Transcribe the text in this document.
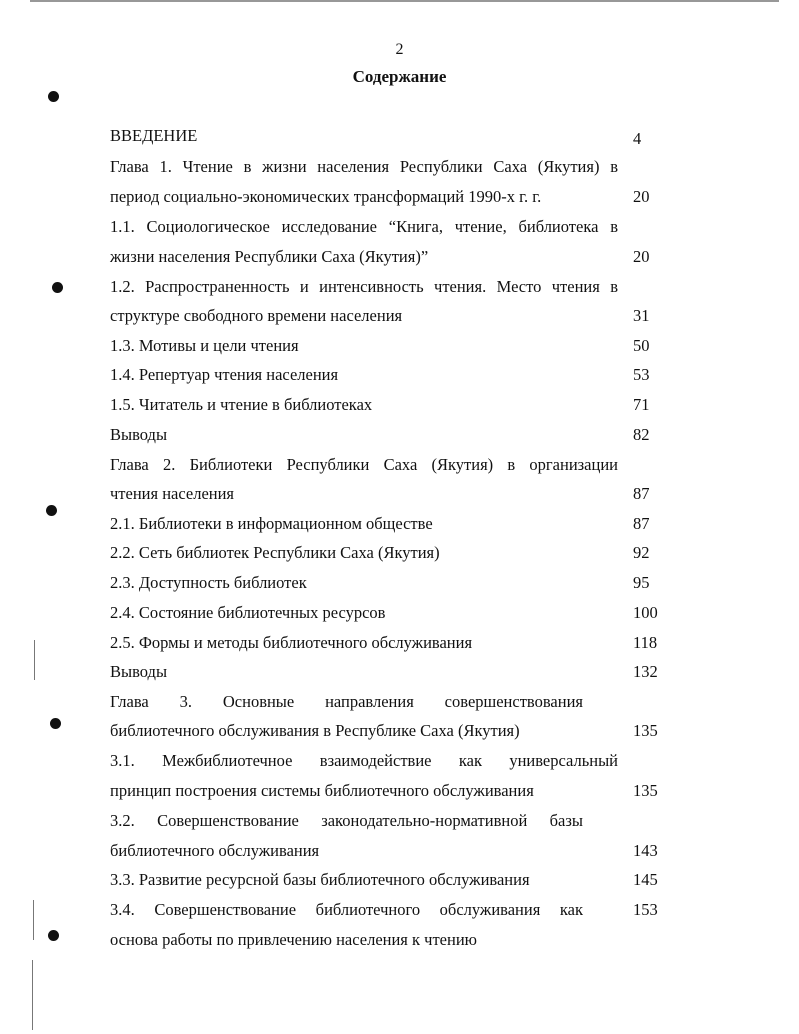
2
Содержание
ВВЕДЕНИЕ	4
Глава 1. Чтение в жизни населения Республики Саха (Якутия) в
период социально-экономических трансформаций 1990-х г. г.	20
1.1. Социологическое исследование “Книга, чтение, библиотека в
жизни населения Республики Саха (Якутия)”	20
1.2. Распространенность и интенсивность чтения. Место чтения в
структуре свободного времени населения	31
1.3. Мотивы и цели чтения	50
1.4. Репертуар чтения населения	53
1.5. Читатель и чтение в библиотеках	71
Выводы	82
Глава 2. Библиотеки Республики Саха (Якутия) в организации
чтения населения	87
2.1. Библиотеки в информационном обществе	87
2.2. Сеть библиотек Республики Саха (Якутия)	92
2.3. Доступность библиотек	95
2.4. Состояние библиотечных ресурсов	100
2.5. Формы и методы библиотечного обслуживания	118
Выводы	132
Глава 3. Основные направления совершенствования
библиотечного обслуживания в Республике Саха (Якутия)	135
3.1. Межбиблиотечное взаимодействие как универсальный
принцип построения системы библиотечного обслуживания	135
3.2. Совершенствование законодательно-нормативной базы
библиотечного обслуживания	143
3.3. Развитие ресурсной базы библиотечного обслуживания	145
3.4. Совершенствование библиотечного обслуживания как	153
основа работы по привлечению населения к чтению
